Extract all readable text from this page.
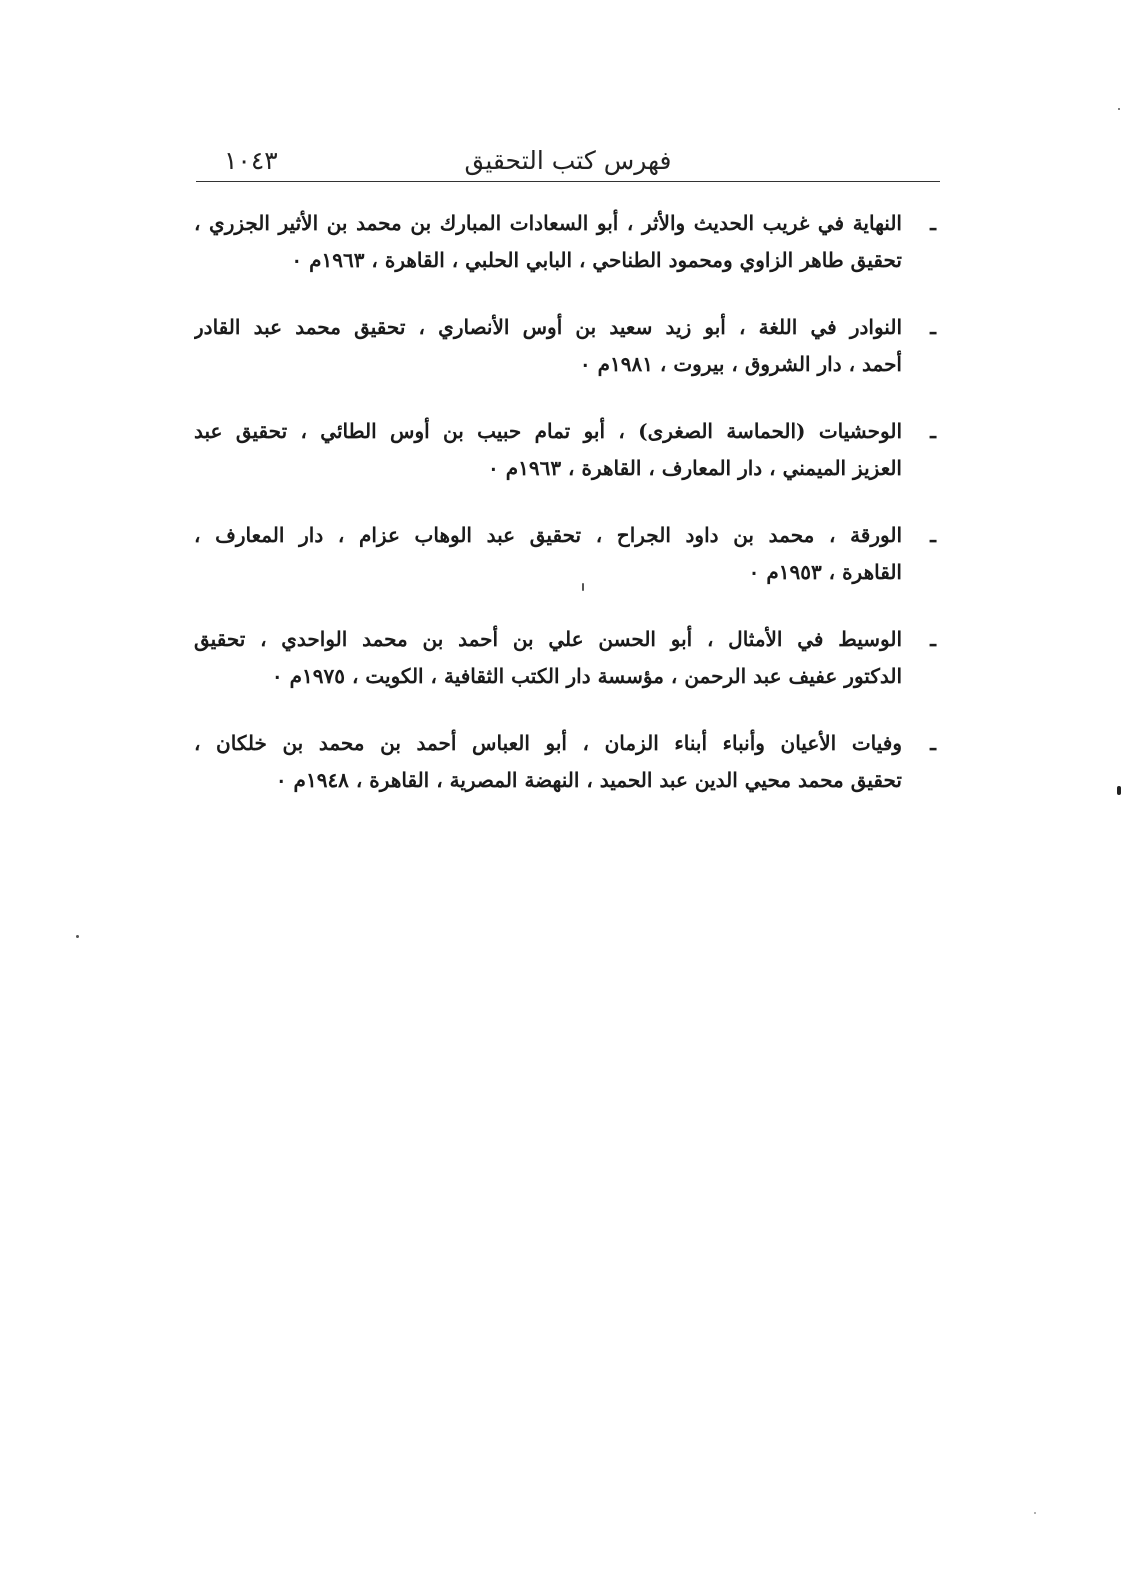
فهرس كتب التحقيق
١٠٤٣
ـ
النهاية في غريب الحديث والأثر ، أبو السعادات المبارك بن محمد بن الأثير الجزري ،
تحقيق طاهر الزاوي ومحمود الطناحي ، البابي الحلبي ، القاهرة ، ١٩٦٣م ٠
ـ
النوادر في اللغة ، أبو زيد سعيد بن أوس الأنصاري ، تحقيق محمد عبد القادر
أحمد ، دار الشروق ، بيروت ، ١٩٨١م ٠
ـ
الوحشيات (الحماسة الصغرى) ، أبو تمام حبيب بن أوس الطائي ، تحقيق عبد
العزيز الميمني ، دار المعارف ، القاهرة ، ١٩٦٣م ٠
ـ
الورقة ، محمد بن داود الجراح ، تحقيق عبد الوهاب عزام ، دار المعارف ،
القاهرة ، ١٩٥٣م ٠
ـ
الوسيط في الأمثال ، أبو الحسن علي بن أحمد بن محمد الواحدي ، تحقيق
الدكتور عفيف عبد الرحمن ، مؤسسة دار الكتب الثقافية ، الكويت ، ١٩٧٥م ٠
ـ
وفيات الأعيان وأنباء أبناء الزمان ، أبو العباس أحمد بن محمد بن خلكان ،
تحقيق محمد محيي الدين عبد الحميد ، النهضة المصرية ، القاهرة ، ١٩٤٨م ٠
